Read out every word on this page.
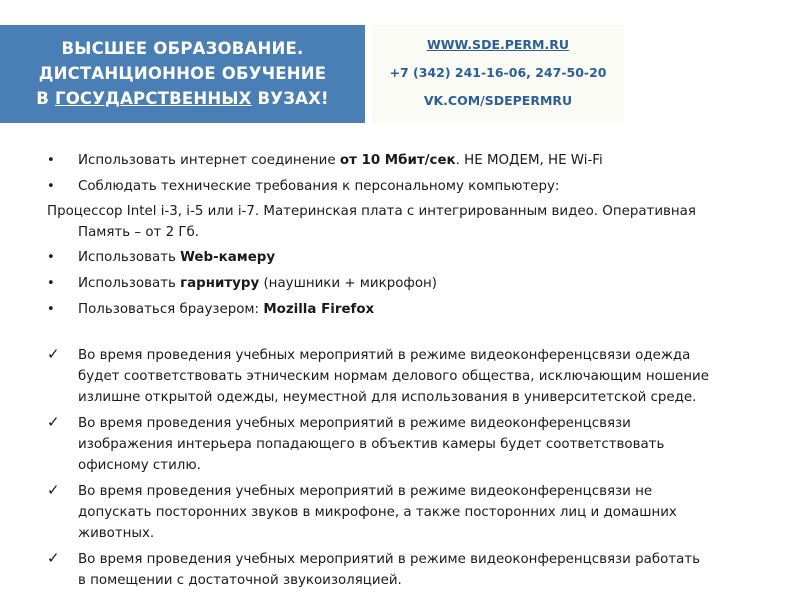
ВЫСШЕЕ ОБРАЗОВАНИЕ.
ДИСТАНЦИОННОЕ ОБУЧЕНИЕ
В ГОСУДАРСТВЕННЫХ ВУЗАХ!
WWW.SDE.PERM.RU
+7 (342) 241-16-06, 247-50-20
VK.COM/SDEPERMRU
• Использовать интернет соединение от 10 Мбит/сек. НЕ МОДЕМ, НЕ Wi-Fi
• Соблюдать технические требования к персональному компьютеру:
Процессор Intel i-3, i-5 или i-7. Материнская плата с интегрированным видео. Оперативная
Память – от 2 Гб.
• Использовать Web-камеру
• Использовать гарнитуру (наушники + микрофон)
• Пользоваться браузером: Mozilla Firefox
✓ Во время проведения учебных мероприятий в режиме видеоконференцсвязи одежда
будет соответствовать этническим нормам делового общества, исключающим ношение
излишне открытой одежды, неуместной для использования в университетской среде.
✓ Во время проведения учебных мероприятий в режиме видеоконференцсвязи
изображения интерьера попадающего в объектив камеры будет соответствовать
офисному стилю.
✓ Во время проведения учебных мероприятий в режиме видеоконференцсвязи не
допускать посторонних звуков в микрофоне, а также посторонних лиц и домашних
животных.
✓ Во время проведения учебных мероприятий в режиме видеоконференцсвязи работать
в помещении с достаточной звукоизоляцией.
